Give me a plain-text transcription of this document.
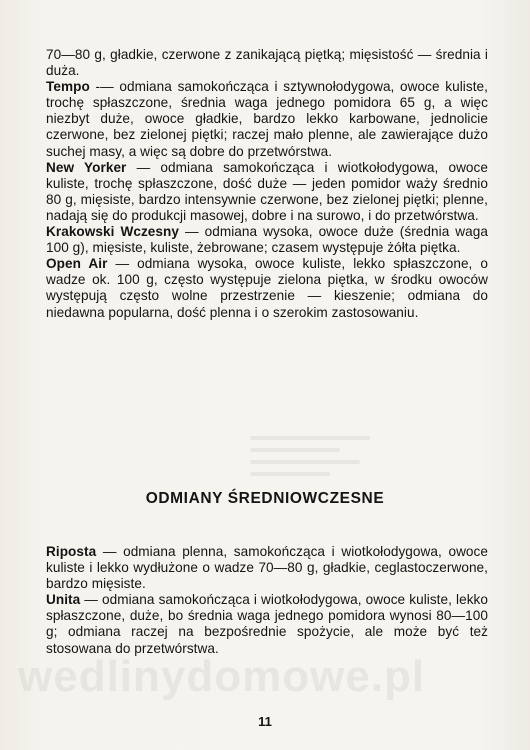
wedlinydomowe.pl

70—80 g, gładkie, czerwone z zanikającą piętką; mięsistość — średnia i duża.

Tempo -— odmiana samokończąca i sztywnołodygowa, owoce kuliste, trochę spłaszczone, średnia waga jednego pomidora 65 g, a więc niezbyt duże, owoce gładkie, bardzo lekko karbowane, jednolicie czerwone, bez zielonej piętki; raczej mało plenne, ale zawierające dużo suchej masy, a więc są dobre do przetwórstwa.

New Yorker — odmiana samokończąca i wiotkołodygowa, owoce kuliste, trochę spłaszczone, dość duże — jeden pomidor waży średnio 80 g, mięsiste, bardzo intensywnie czerwone, bez zielonej piętki; plenne, nadają się do produkcji masowej, dobre i na surowo, i do przetwórstwa.

Krakowski Wczesny — odmiana wysoka, owoce duże (średnia waga 100 g), mięsiste, kuliste, żebrowane; czasem występuje żółta piętka.

Open Air — odmiana wysoka, owoce kuliste, lekko spłaszczone, o wadze ok. 100 g, często występuje zielona piętka, w środku owoców występują często wolne przestrzenie — kieszenie; odmiana do niedawna popularna, dość plenna i o szerokim zastosowaniu.

ODMIANY ŚREDNIOWCZESNE

Riposta — odmiana plenna, samokończąca i wiotkołodygowa, owoce kuliste i lekko wydłużone o wadze 70—80 g, gładkie, ceglastoczerwone, bardzo mięsiste.

Unita — odmiana samokończąca i wiotkołodygowa, owoce kuliste, lekko spłaszczone, duże, bo średnia waga jednego pomidora wynosi 80—100 g; odmiana raczej na bezpośrednie spożycie, ale może być też stosowana do przetwórstwa.

11
